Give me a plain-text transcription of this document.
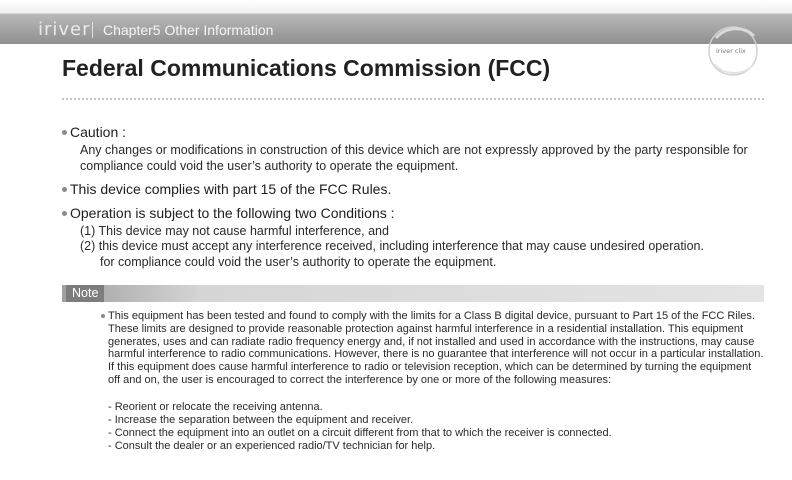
iriver Chapter5 Other Information
iriver clix
Federal Communications Commission (FCC)
Caution :
Any changes or modifications in construction of this device which are not expressly approved by the party responsible for compliance could void the user’s authority to operate the equipment.
This device complies with part 15 of the FCC Rules.
Operation is subject to the following two Conditions :
(1) This device may not cause harmful interference, and
(2) this device must accept any interference received, including interference that may cause undesired operation.
for compliance could void the user’s authority to operate the equipment.
Note
This equipment has been tested and found to comply with the limits for a Class B digital device, pursuant to Part 15 of the FCC Riles. These limits are designed to provide reasonable protection against harmful interference in a residential installation. This equipment generates, uses and can radiate radio frequency energy and, if not installed and used in accordance with the instructions, may cause harmful interference to radio communications. However, there is no guarantee that interference will not occur in a particular installation. If this equipment does cause harmful interference to radio or television reception, which can be determined by turning the equipment off and on, the user is encouraged to correct the interference by one or more of the following measures:
- Reorient or relocate the receiving antenna.
- Increase the separation between the equipment and receiver.
- Connect the equipment into an outlet on a circuit different from that to which the receiver is connected.
- Consult the dealer or an experienced radio/TV technician for help.
